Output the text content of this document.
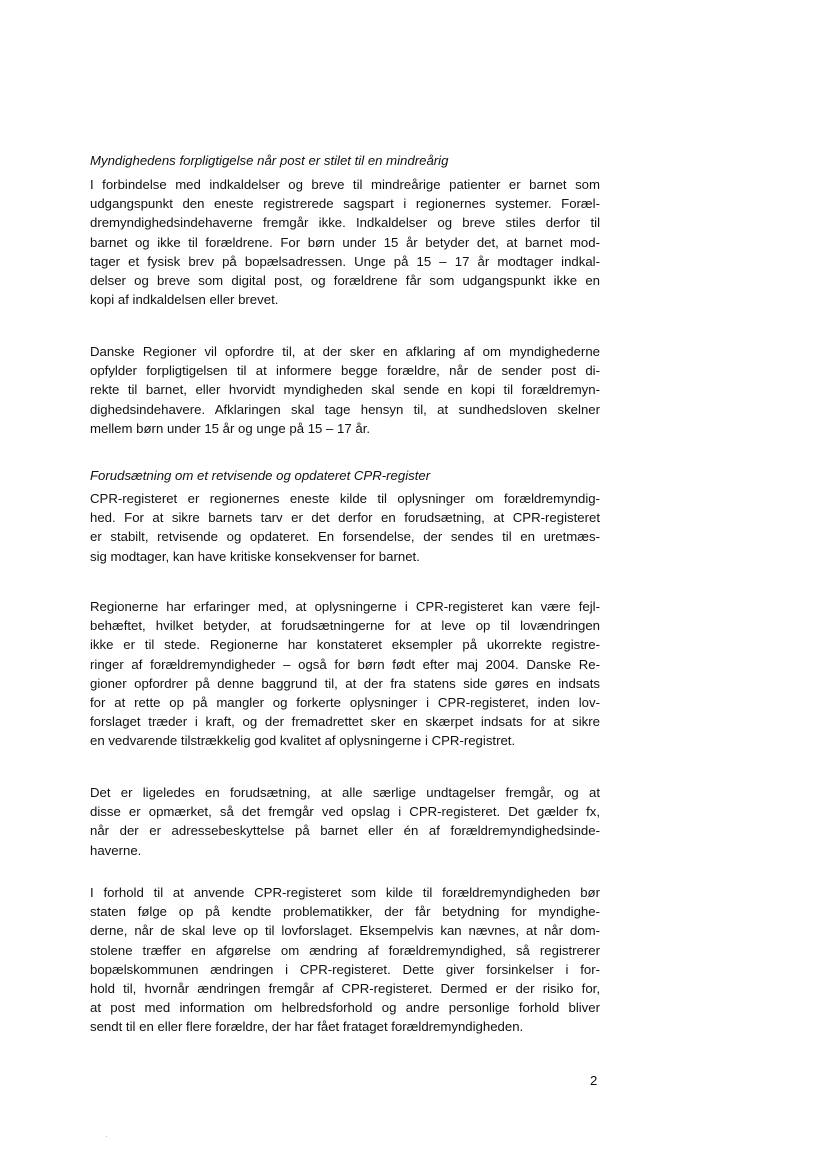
Myndighedens forpligtigelse når post er stilet til en mindreårig
I forbindelse med indkaldelser og breve til mindreårige patienter er barnet som
udgangspunkt den eneste registrerede sagspart i regionernes systemer. Foræl-
dremyndighedsindehaverne fremgår ikke. Indkaldelser og breve stiles derfor til
barnet og ikke til forældrene. For børn under 15 år betyder det, at barnet mod-
tager et fysisk brev på bopælsadressen. Unge på 15 – 17 år modtager indkal-
delser og breve som digital post, og forældrene får som udgangspunkt ikke en
kopi af indkaldelsen eller brevet.
Danske Regioner vil opfordre til, at der sker en afklaring af om myndighederne
opfylder forpligtigelsen til at informere begge forældre, når de sender post di-
rekte til barnet, eller hvorvidt myndigheden skal sende en kopi til forældremyn-
dighedsindehavere. Afklaringen skal tage hensyn til, at sundhedsloven skelner
mellem børn under 15 år og unge på 15 – 17 år.
Forudsætning om et retvisende og opdateret CPR-register
CPR-registeret er regionernes eneste kilde til oplysninger om forældremyndig-
hed. For at sikre barnets tarv er det derfor en forudsætning, at CPR-registeret
er stabilt, retvisende og opdateret. En forsendelse, der sendes til en uretmæs-
sig modtager, kan have kritiske konsekvenser for barnet.
Regionerne har erfaringer med, at oplysningerne i CPR-registeret kan være fejl-
behæftet, hvilket betyder, at forudsætningerne for at leve op til lovændringen
ikke er til stede. Regionerne har konstateret eksempler på ukorrekte registre-
ringer af forældremyndigheder – også for børn født efter maj 2004. Danske Re-
gioner opfordrer på denne baggrund til, at der fra statens side gøres en indsats
for at rette op på mangler og forkerte oplysninger i CPR-registeret, inden lov-
forslaget træder i kraft, og der fremadrettet sker en skærpet indsats for at sikre
en vedvarende tilstrækkelig god kvalitet af oplysningerne i CPR-registret.
Det er ligeledes en forudsætning, at alle særlige undtagelser fremgår, og at
disse er opmærket, så det fremgår ved opslag i CPR-registeret. Det gælder fx,
når der er adressebeskyttelse på barnet eller én af forældremyndighedsinde-
haverne.
I forhold til at anvende CPR-registeret som kilde til forældremyndigheden bør
staten følge op på kendte problematikker, der får betydning for myndighe-
derne, når de skal leve op til lovforslaget. Eksempelvis kan nævnes, at når dom-
stolene træffer en afgørelse om ændring af forældremyndighed, så registrerer
bopælskommunen ændringen i CPR-registeret. Dette giver forsinkelser i for-
hold til, hvornår ændringen fremgår af CPR-registeret. Dermed er der risiko for,
at post med information om helbredsforhold og andre personlige forhold bliver
sendt til en eller flere forældre, der har fået frataget forældremyndigheden.
2
